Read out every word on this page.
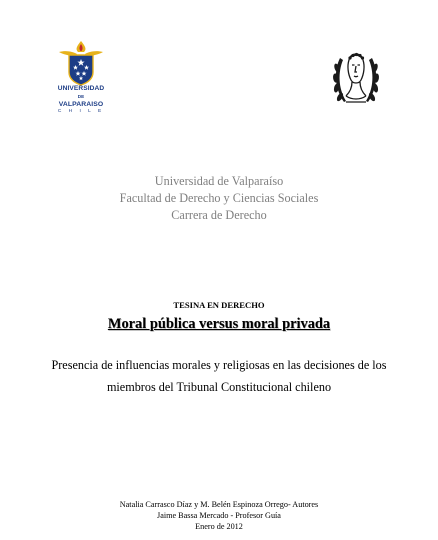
UNIVERSIDAD
DE
VALPARAISO
C H I L E
Universidad de Valparaíso
Facultad de Derecho y Ciencias Sociales
Carrera de Derecho
TESINA EN DERECHO
Moral pública versus moral privada
Presencia de influencias morales y religiosas en las decisiones de los
miembros del Tribunal Constitucional chileno
Natalia Carrasco Díaz y M. Belén Espinoza Orrego- Autores
Jaime Bassa Mercado - Profesor Guía
Enero de 2012
